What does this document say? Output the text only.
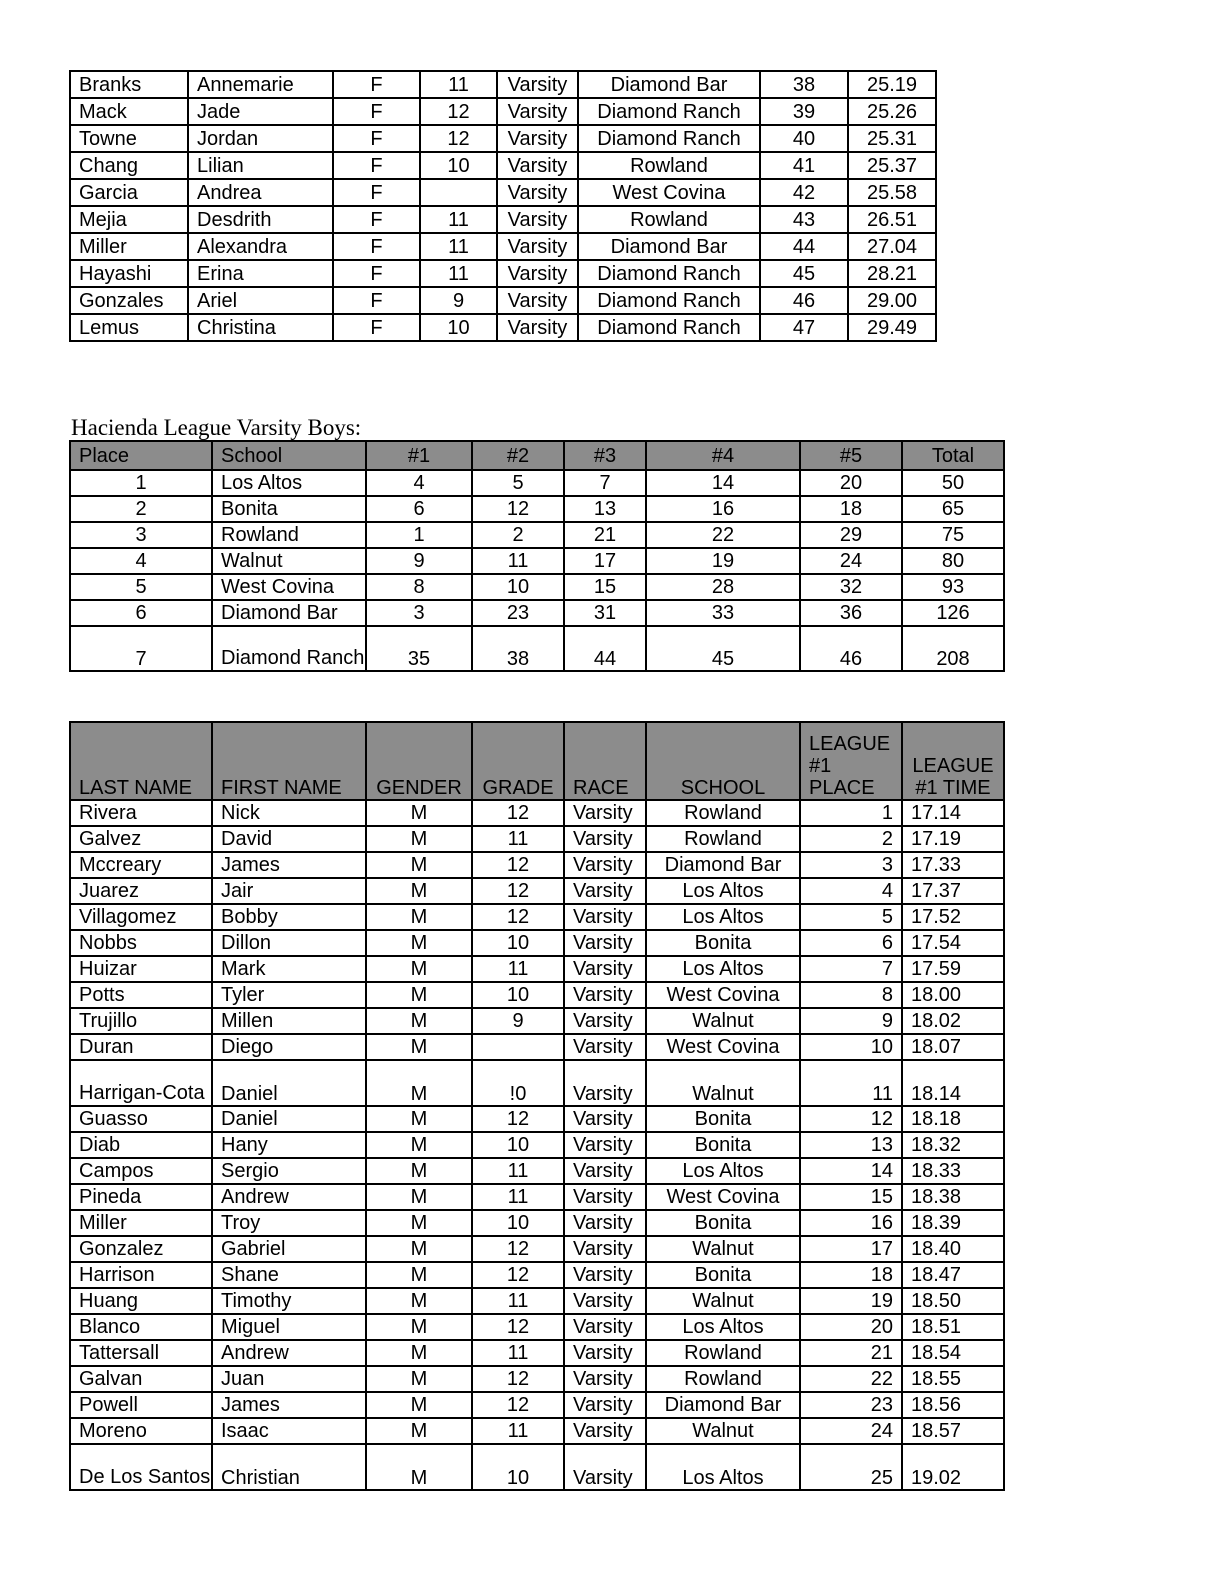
Branks	Annemarie	F	11	Varsity	Diamond Bar	38	25.19
Mack	Jade	F	12	Varsity	Diamond Ranch	39	25.26
Towne	Jordan	F	12	Varsity	Diamond Ranch	40	25.31
Chang	Lilian	F	10	Varsity	Rowland	41	25.37
Garcia	Andrea	F		Varsity	West Covina	42	25.58
Mejia	Desdrith	F	11	Varsity	Rowland	43	26.51
Miller	Alexandra	F	11	Varsity	Diamond Bar	44	27.04
Hayashi	Erina	F	11	Varsity	Diamond Ranch	45	28.21
Gonzales	Ariel	F	9	Varsity	Diamond Ranch	46	29.00
Lemus	Christina	F	10	Varsity	Diamond Ranch	47	29.49
Hacienda League Varsity Boys:
Place	School	#1	#2	#3	#4	#5	Total
1	Los Altos	4	5	7	14	20	50
2	Bonita	6	12	13	16	18	65
3	Rowland	1	2	21	22	29	75
4	Walnut	9	11	17	19	24	80
5	West Covina	8	10	15	28	32	93
6	Diamond Bar	3	23	31	33	36	126
7	Diamond Ranch	35	38	44	45	46	208
LAST NAME	FIRST NAME	GENDER	GRADE	RACE	SCHOOL	LEAGUE #1 PLACE	LEAGUE #1 TIME
Rivera	Nick	M	12	Varsity	Rowland	1	17.14
Galvez	David	M	11	Varsity	Rowland	2	17.19
Mccreary	James	M	12	Varsity	Diamond Bar	3	17.33
Juarez	Jair	M	12	Varsity	Los Altos	4	17.37
Villagomez	Bobby	M	12	Varsity	Los Altos	5	17.52
Nobbs	Dillon	M	10	Varsity	Bonita	6	17.54
Huizar	Mark	M	11	Varsity	Los Altos	7	17.59
Potts	Tyler	M	10	Varsity	West Covina	8	18.00
Trujillo	Millen	M	9	Varsity	Walnut	9	18.02
Duran	Diego	M		Varsity	West Covina	10	18.07
Harrigan-Cota	Daniel	M	!0	Varsity	Walnut	11	18.14
Guasso	Daniel	M	12	Varsity	Bonita	12	18.18
Diab	Hany	M	10	Varsity	Bonita	13	18.32
Campos	Sergio	M	11	Varsity	Los Altos	14	18.33
Pineda	Andrew	M	11	Varsity	West Covina	15	18.38
Miller	Troy	M	10	Varsity	Bonita	16	18.39
Gonzalez	Gabriel	M	12	Varsity	Walnut	17	18.40
Harrison	Shane	M	12	Varsity	Bonita	18	18.47
Huang	Timothy	M	11	Varsity	Walnut	19	18.50
Blanco	Miguel	M	12	Varsity	Los Altos	20	18.51
Tattersall	Andrew	M	11	Varsity	Rowland	21	18.54
Galvan	Juan	M	12	Varsity	Rowland	22	18.55
Powell	James	M	12	Varsity	Diamond Bar	23	18.56
Moreno	Isaac	M	11	Varsity	Walnut	24	18.57
De Los Santos	Christian	M	10	Varsity	Los Altos	25	19.02
